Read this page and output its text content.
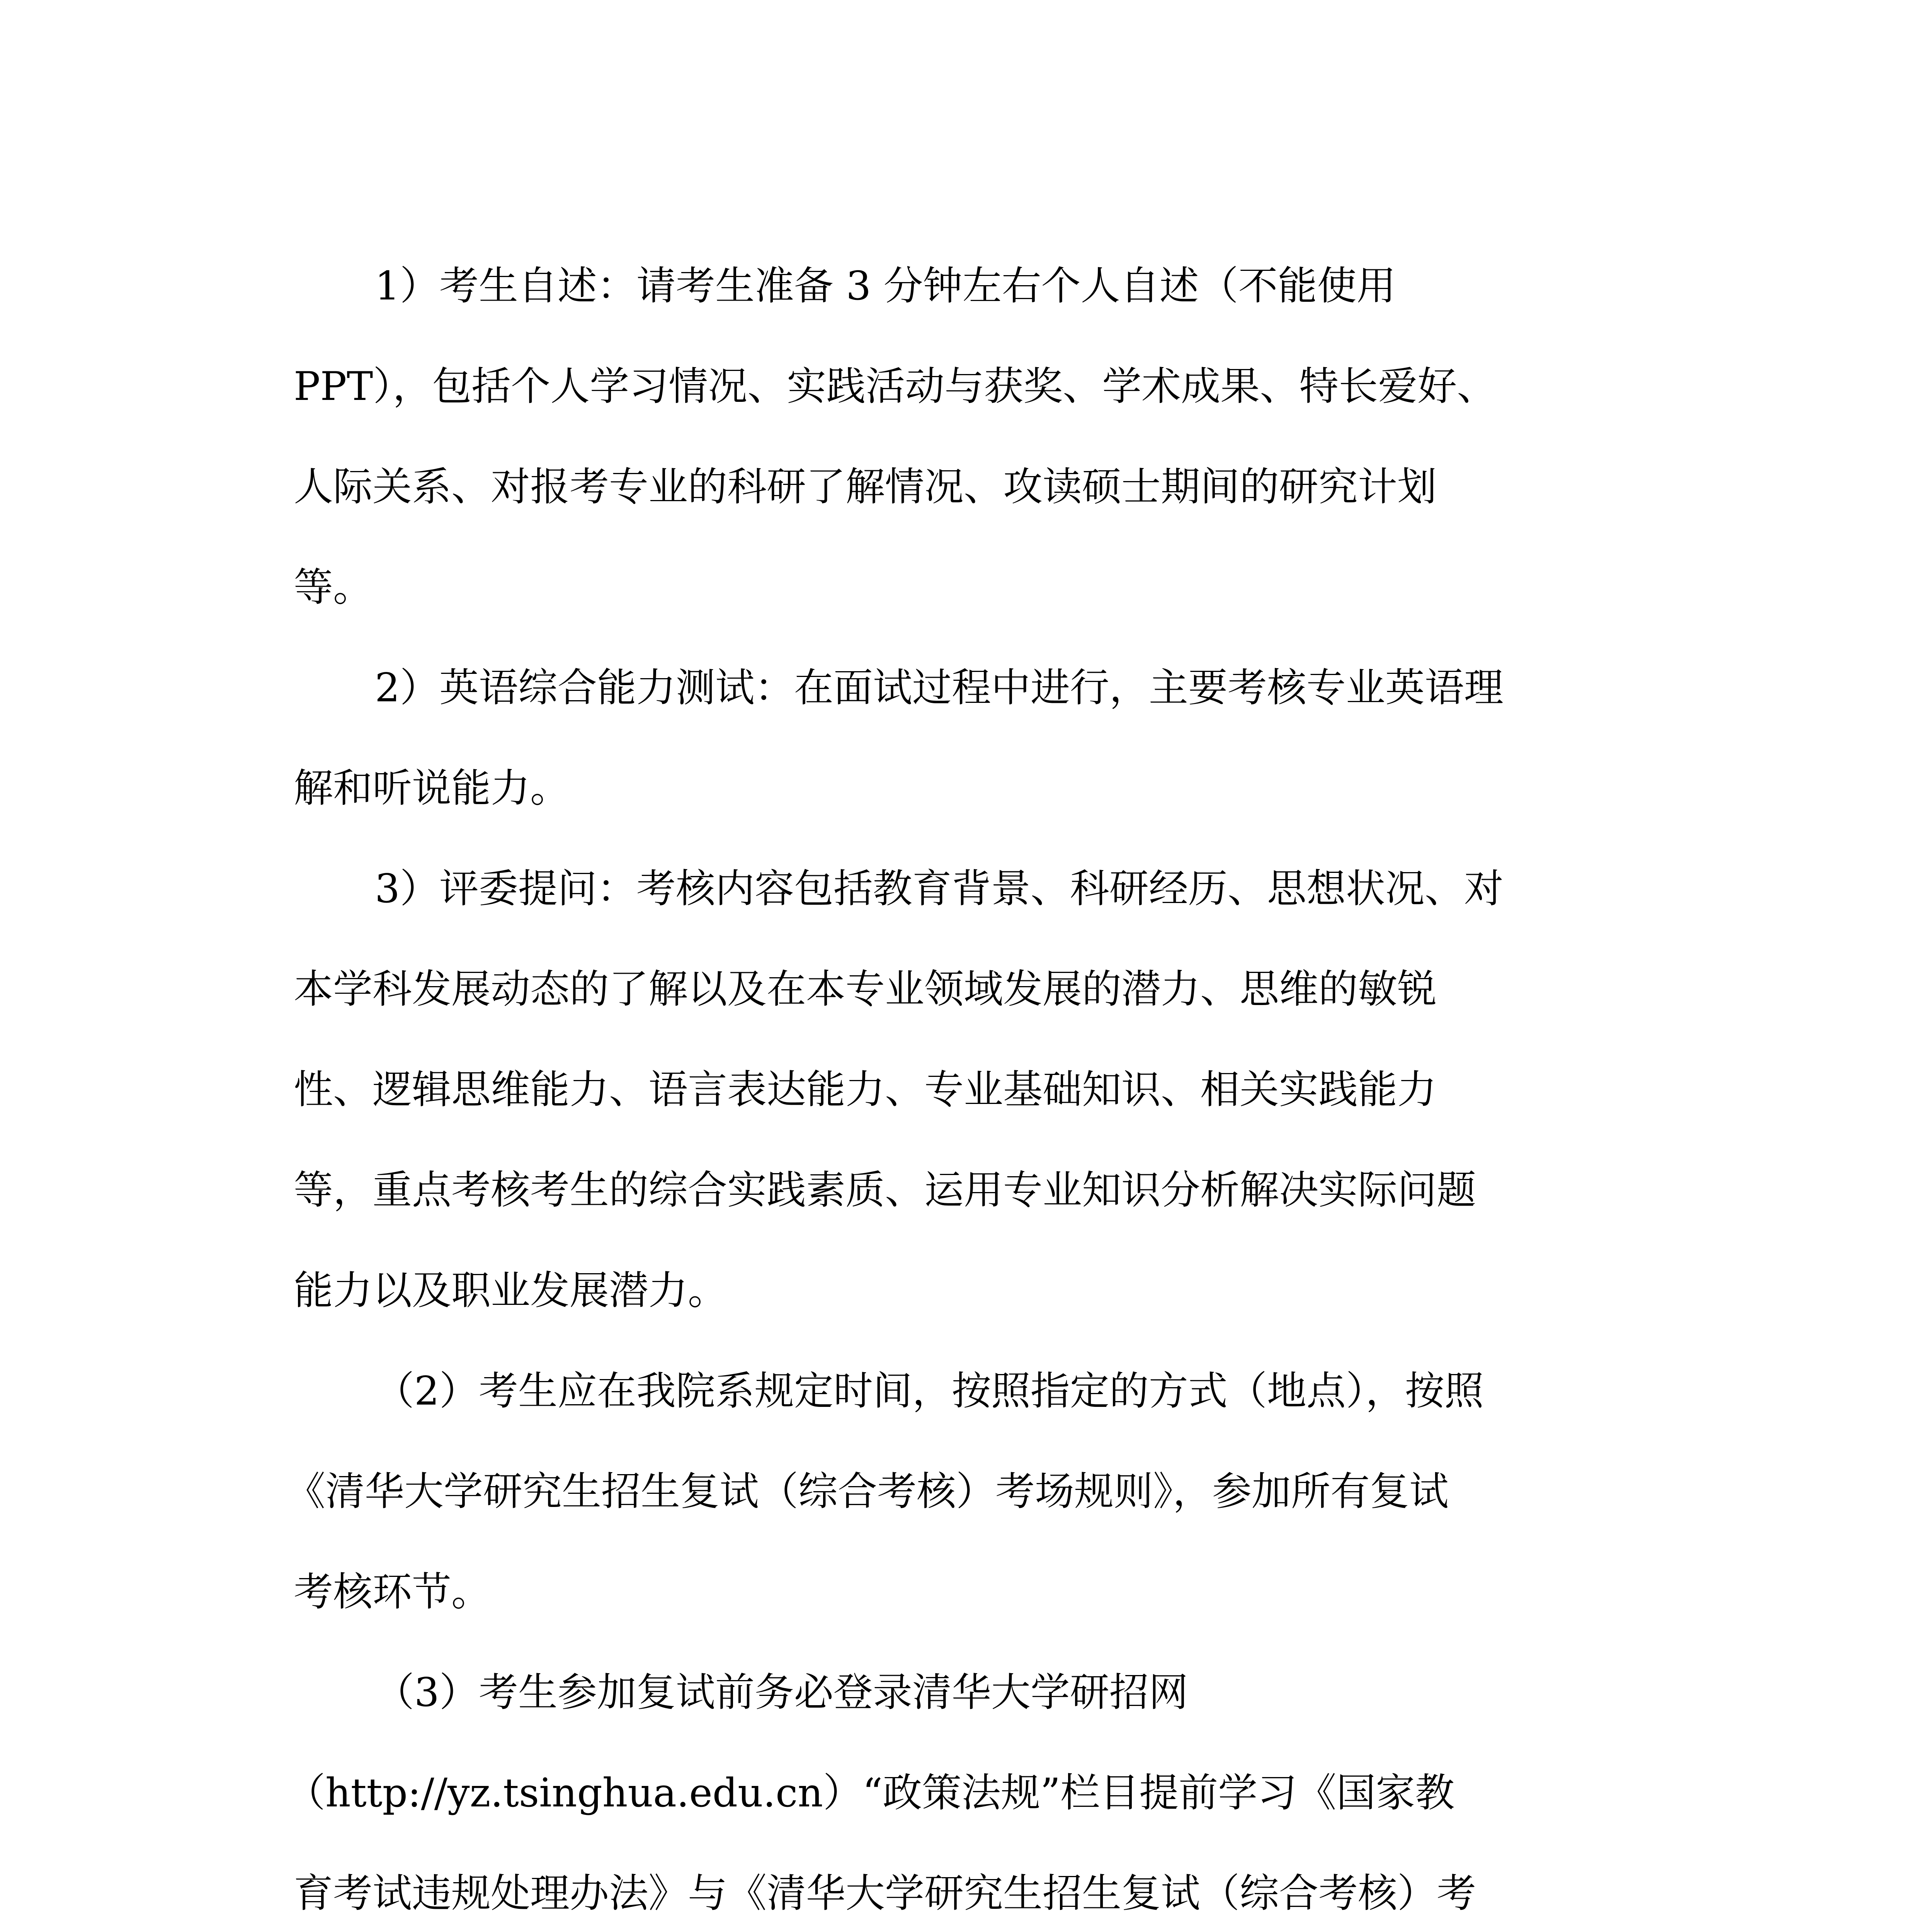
1）考生自述：请考生准备 3 分钟左右个人自述（不能使用

PPT），包括个人学习情况、实践活动与获奖、学术成果、特长爱好、

人际关系、对报考专业的科研了解情况、攻读硕士期间的研究计划

等。

2）英语综合能力测试：在面试过程中进行，主要考核专业英语理

解和听说能力。

3）评委提问：考核内容包括教育背景、科研经历、思想状况、对

本学科发展动态的了解以及在本专业领域发展的潜力、思维的敏锐

性、逻辑思维能力、语言表达能力、专业基础知识、相关实践能力

等，重点考核考生的综合实践素质、运用专业知识分析解决实际问题

能力以及职业发展潜力。

（2）考生应在我院系规定时间，按照指定的方式（地点），按照

《清华大学研究生招生复试（综合考核）考场规则》，参加所有复试

考核环节。

（3）考生参加复试前务必登录清华大学研招网

（http://yz.tsinghua.edu.cn）“政策法规”栏目提前学习《国家教

育考试违规处理办法》与《清华大学研究生招生复试（综合考核）考
